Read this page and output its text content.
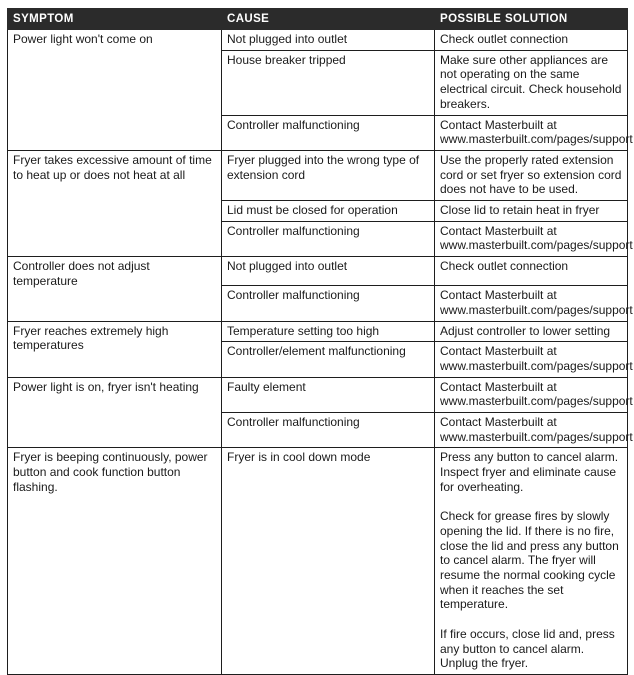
SYMPTOM	CAUSE	POSSIBLE SOLUTION
Power light won't come on	Not plugged into outlet	Check outlet connection

	House breaker tripped	Make sure other appliances are not operating on the same electrical circuit. Check household breakers.

	Controller malfunctioning	Contact Masterbuilt at www.masterbuilt.com/pages/support

Fryer takes excessive amount of time to heat up or does not heat at all	Fryer plugged into the wrong type of extension cord	Use the properly rated extension cord or set fryer so extension cord does not have to be used.

	Lid must be closed for operation	Close lid to retain heat in fryer

	Controller malfunctioning	Contact Masterbuilt at www.masterbuilt.com/pages/support

Controller does not adjust temperature	Not plugged into outlet	Check outlet connection

	Controller malfunctioning	Contact Masterbuilt at www.masterbuilt.com/pages/support

Fryer reaches extremely high temperatures	Temperature setting too high	Adjust controller to lower setting

	Controller/element malfunctioning	Contact Masterbuilt at www.masterbuilt.com/pages/support

Power light is on, fryer isn't heating	Faulty element	Contact Masterbuilt at www.masterbuilt.com/pages/support

	Controller malfunctioning	Contact Masterbuilt at www.masterbuilt.com/pages/support

Fryer is beeping continuously, power button and cook function button flashing.	Fryer is in cool down mode	Press any button to cancel alarm. Inspect fryer and eliminate cause for overheating.
Check for grease fires by slowly opening the lid. If there is no fire, close the lid and press any button to cancel alarm. The fryer will resume the normal cooking cycle when it reaches the set temperature.
If fire occurs, close lid and, press any button to cancel alarm. Unplug the fryer.
